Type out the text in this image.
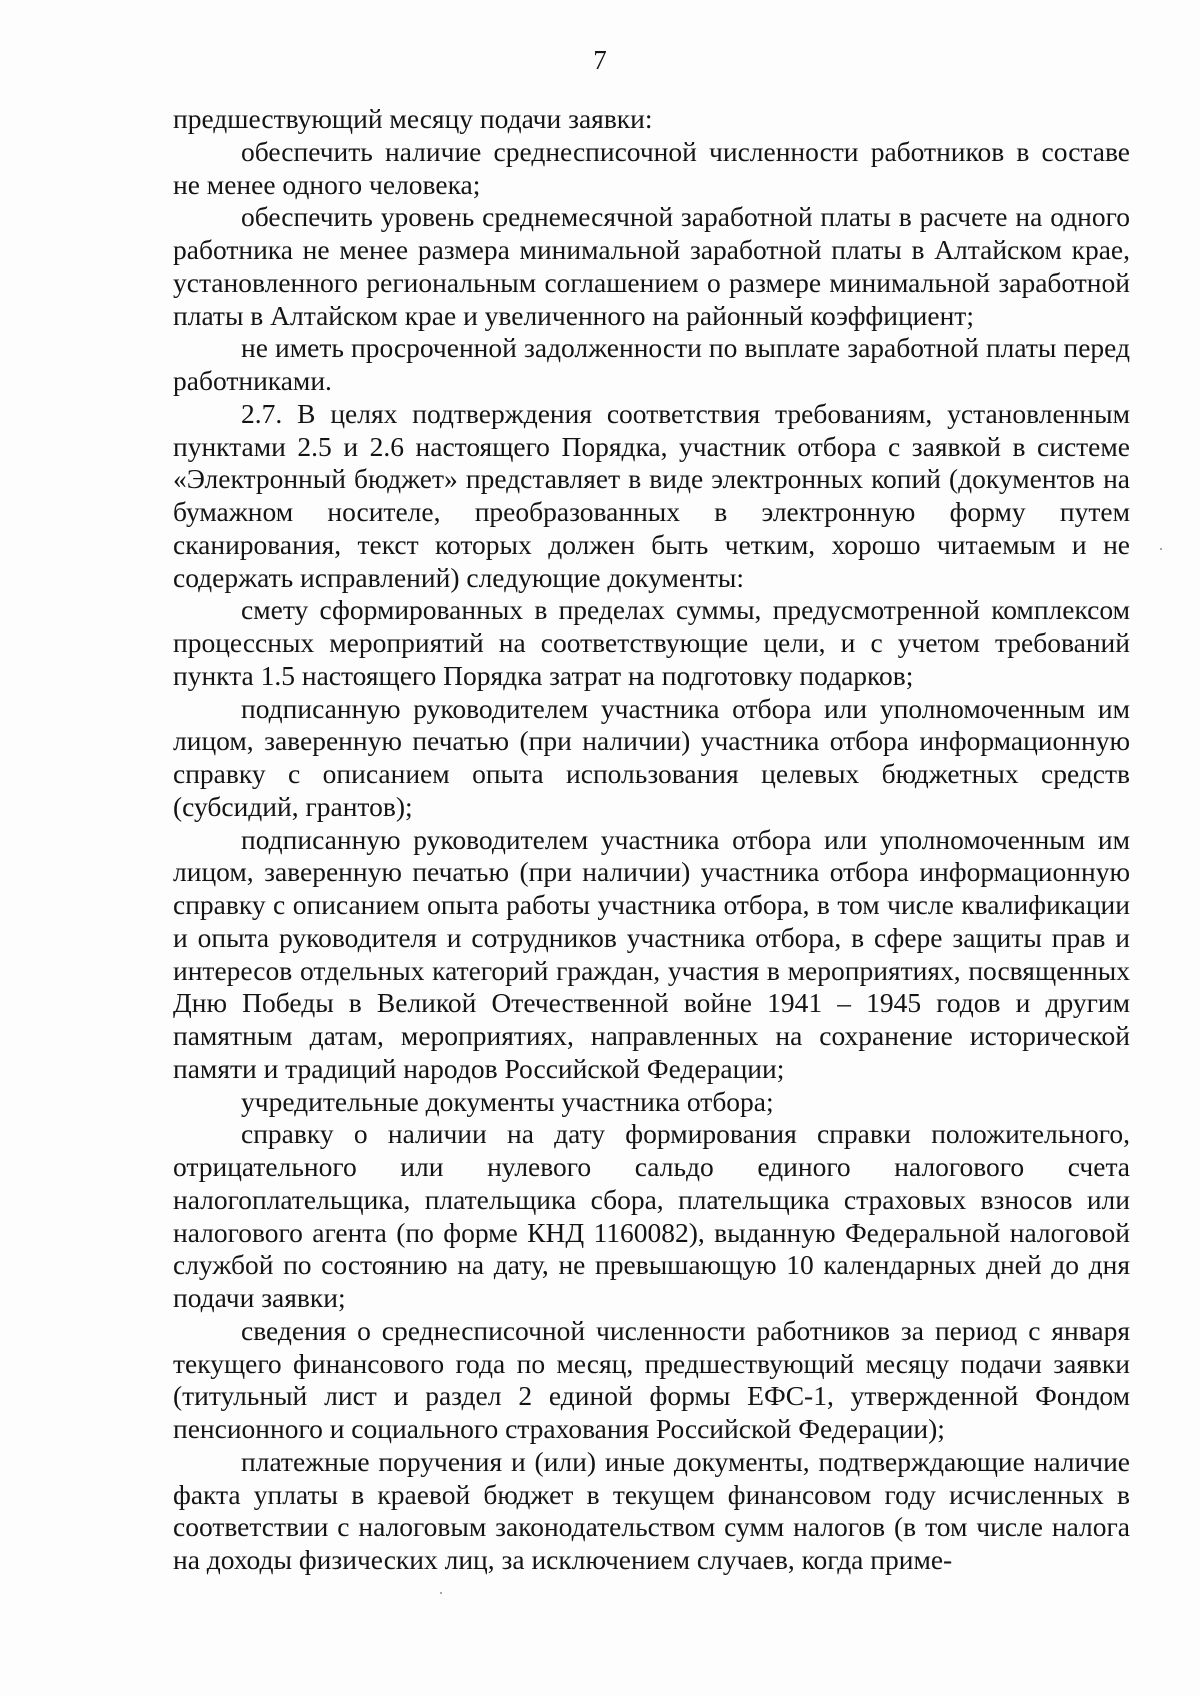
7

предшествующий месяцу подачи заявки:

обеспечить наличие среднесписочной численности работников в составе не менее одного человека;

обеспечить уровень среднемесячной заработной платы в расчете на одного работника не менее размера минимальной заработной платы в Алтайском крае, установленного региональным соглашением о размере минимальной заработной платы в Алтайском крае и увеличенного на районный коэффициент;

не иметь просроченной задолженности по выплате заработной платы перед работниками.

2.7. В целях подтверждения соответствия требованиям, установленным пунктами 2.5 и 2.6 настоящего Порядка, участник отбора с заявкой в системе «Электронный бюджет» представляет в виде электронных копий (документов на бумажном носителе, преобразованных в электронную форму путем сканирования, текст которых должен быть четким, хорошо читаемым и не содержать исправлений) следующие документы:

смету сформированных в пределах суммы, предусмотренной комплексом процессных мероприятий на соответствующие цели, и с учетом требований пункта 1.5 настоящего Порядка затрат на подготовку подарков;

подписанную руководителем участника отбора или уполномоченным им лицом, заверенную печатью (при наличии) участника отбора информационную справку с описанием опыта использования целевых бюджетных средств (субсидий, грантов);

подписанную руководителем участника отбора или уполномоченным им лицом, заверенную печатью (при наличии) участника отбора информационную справку с описанием опыта работы участника отбора, в том числе квалификации и опыта руководителя и сотрудников участника отбора, в сфере защиты прав и интересов отдельных категорий граждан, участия в мероприятиях, посвященных Дню Победы в Великой Отечественной войне 1941 – 1945 годов и другим памятным датам, мероприятиях, направленных на сохранение исторической памяти и традиций народов Российской Федерации;

учредительные документы участника отбора;

справку о наличии на дату формирования справки положительного, отрицательного или нулевого сальдо единого налогового счета налогоплательщика, плательщика сбора, плательщика страховых взносов или налогового агента (по форме КНД 1160082), выданную Федеральной налоговой службой по состоянию на дату, не превышающую 10 календарных дней до дня подачи заявки;

сведения о среднесписочной численности работников за период с января текущего финансового года по месяц, предшествующий месяцу подачи заявки (титульный лист и раздел 2 единой формы ЕФС-1, утвержденной Фондом пенсионного и социального страхования Российской Федерации);

платежные поручения и (или) иные документы, подтверждающие наличие факта уплаты в краевой бюджет в текущем финансовом году исчисленных в соответствии с налоговым законодательством сумм налогов (в том числе налога на доходы физических лиц, за исключением случаев, когда приме-
